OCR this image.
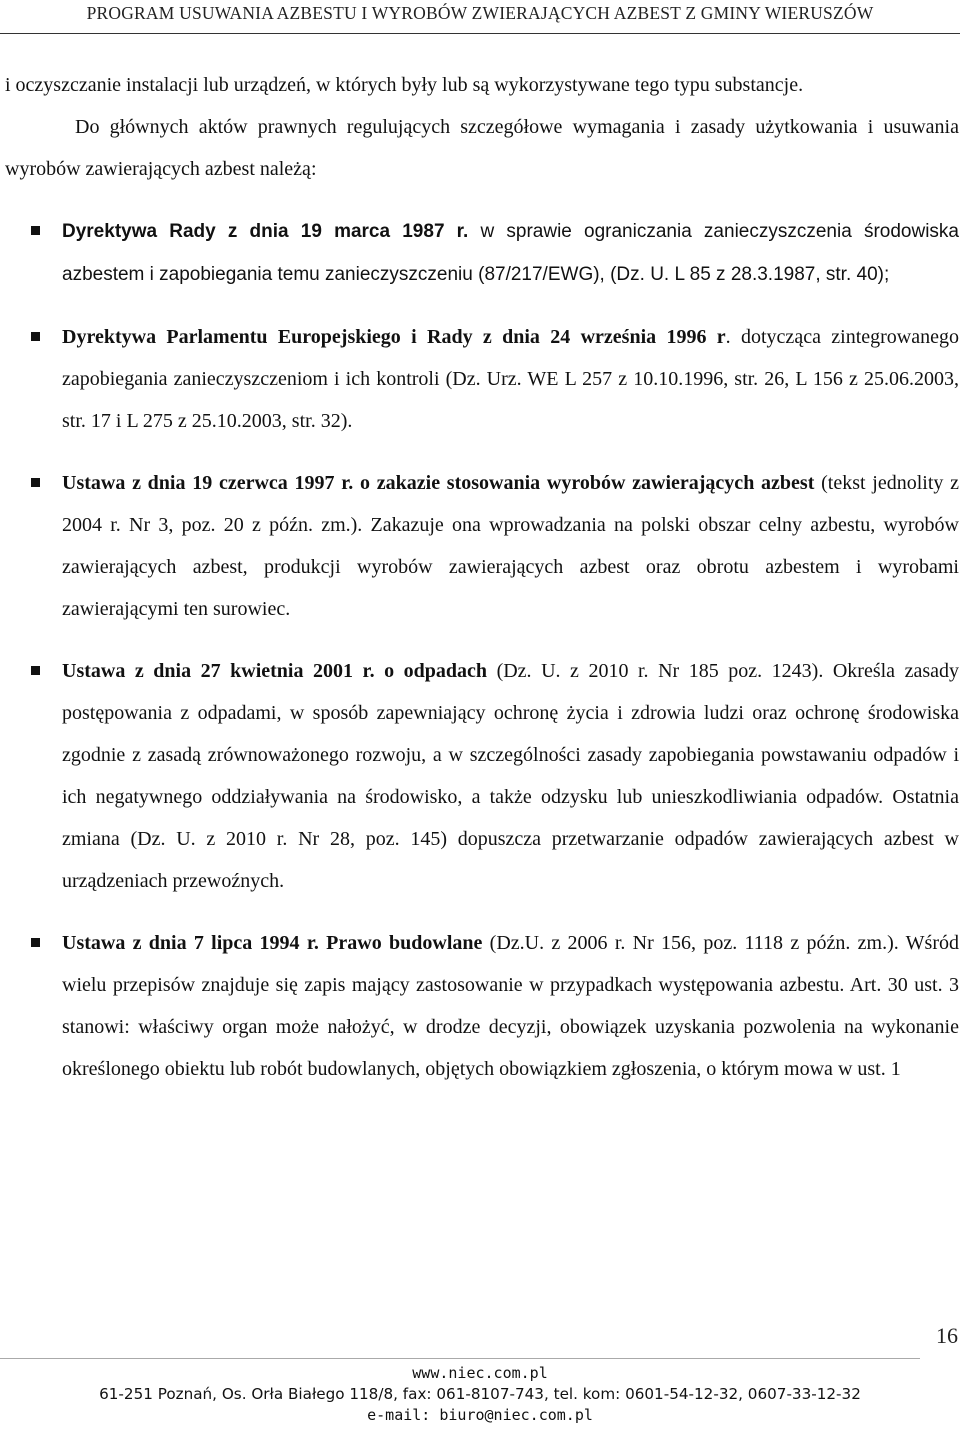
PROGRAM USUWANIA AZBESTU I WYROBÓW ZWIERAJĄCYCH AZBEST Z GMINY WIERUSZÓW

i oczyszczanie instalacji lub urządzeń, w których były lub są wykorzystywane tego typu substancje.

Do głównych aktów prawnych regulujących szczegółowe wymagania i zasady użytkowania i usuwania wyrobów zawierających azbest należą:

Dyrektywa Rady z dnia 19 marca 1987 r. w sprawie ograniczania zanieczyszczenia środowiska azbestem i zapobiegania temu zanieczyszczeniu (87/217/EWG), (Dz. U. L 85 z 28.3.1987, str. 40);
Dyrektywa Parlamentu Europejskiego i Rady z dnia 24 września 1996 r. dotycząca zintegrowanego zapobiegania zanieczyszczeniom i ich kontroli (Dz. Urz. WE L 257 z 10.10.1996, str. 26, L 156 z 25.06.2003, str. 17 i L 275 z 25.10.2003, str. 32).
Ustawa z dnia 19 czerwca 1997 r. o zakazie stosowania wyrobów zawierających azbest (tekst jednolity z 2004 r. Nr 3, poz. 20 z późn. zm.). Zakazuje ona wprowadzania na polski obszar celny azbestu, wyrobów zawierających azbest, produkcji wyrobów zawierających azbest oraz obrotu azbestem i wyrobami zawierającymi ten surowiec.
Ustawa z dnia 27 kwietnia 2001 r. o odpadach (Dz. U. z 2010 r. Nr 185 poz. 1243). Określa zasady postępowania z odpadami, w sposób zapewniający ochronę życia i zdrowia ludzi oraz ochronę środowiska zgodnie z zasadą zrównoważonego rozwoju, a w szczególności zasady zapobiegania powstawaniu odpadów i ich negatywnego oddziaływania na środowisko, a także odzysku lub unieszkodliwiania odpadów. Ostatnia zmiana (Dz. U. z 2010 r. Nr 28, poz. 145) dopuszcza przetwarzanie odpadów zawierających azbest w urządzeniach przewoźnych.
Ustawa z dnia 7 lipca 1994 r. Prawo budowlane (Dz.U. z 2006 r. Nr 156, poz. 1118 z późn. zm.). Wśród wielu przepisów znajduje się zapis mający zastosowanie w przypadkach występowania azbestu. Art. 30 ust. 3 stanowi: właściwy organ może nałożyć, w drodze decyzji, obowiązek uzyskania pozwolenia na wykonanie określonego obiektu lub robót budowlanych, objętych obowiązkiem zgłoszenia, o którym mowa w ust. 1
16
www.niec.com.pl
61-251 Poznań, Os. Orła Białego 118/8, fax: 061-8107-743, tel. kom: 0601-54-12-32, 0607-33-12-32
e-mail: biuro@niec.com.pl
